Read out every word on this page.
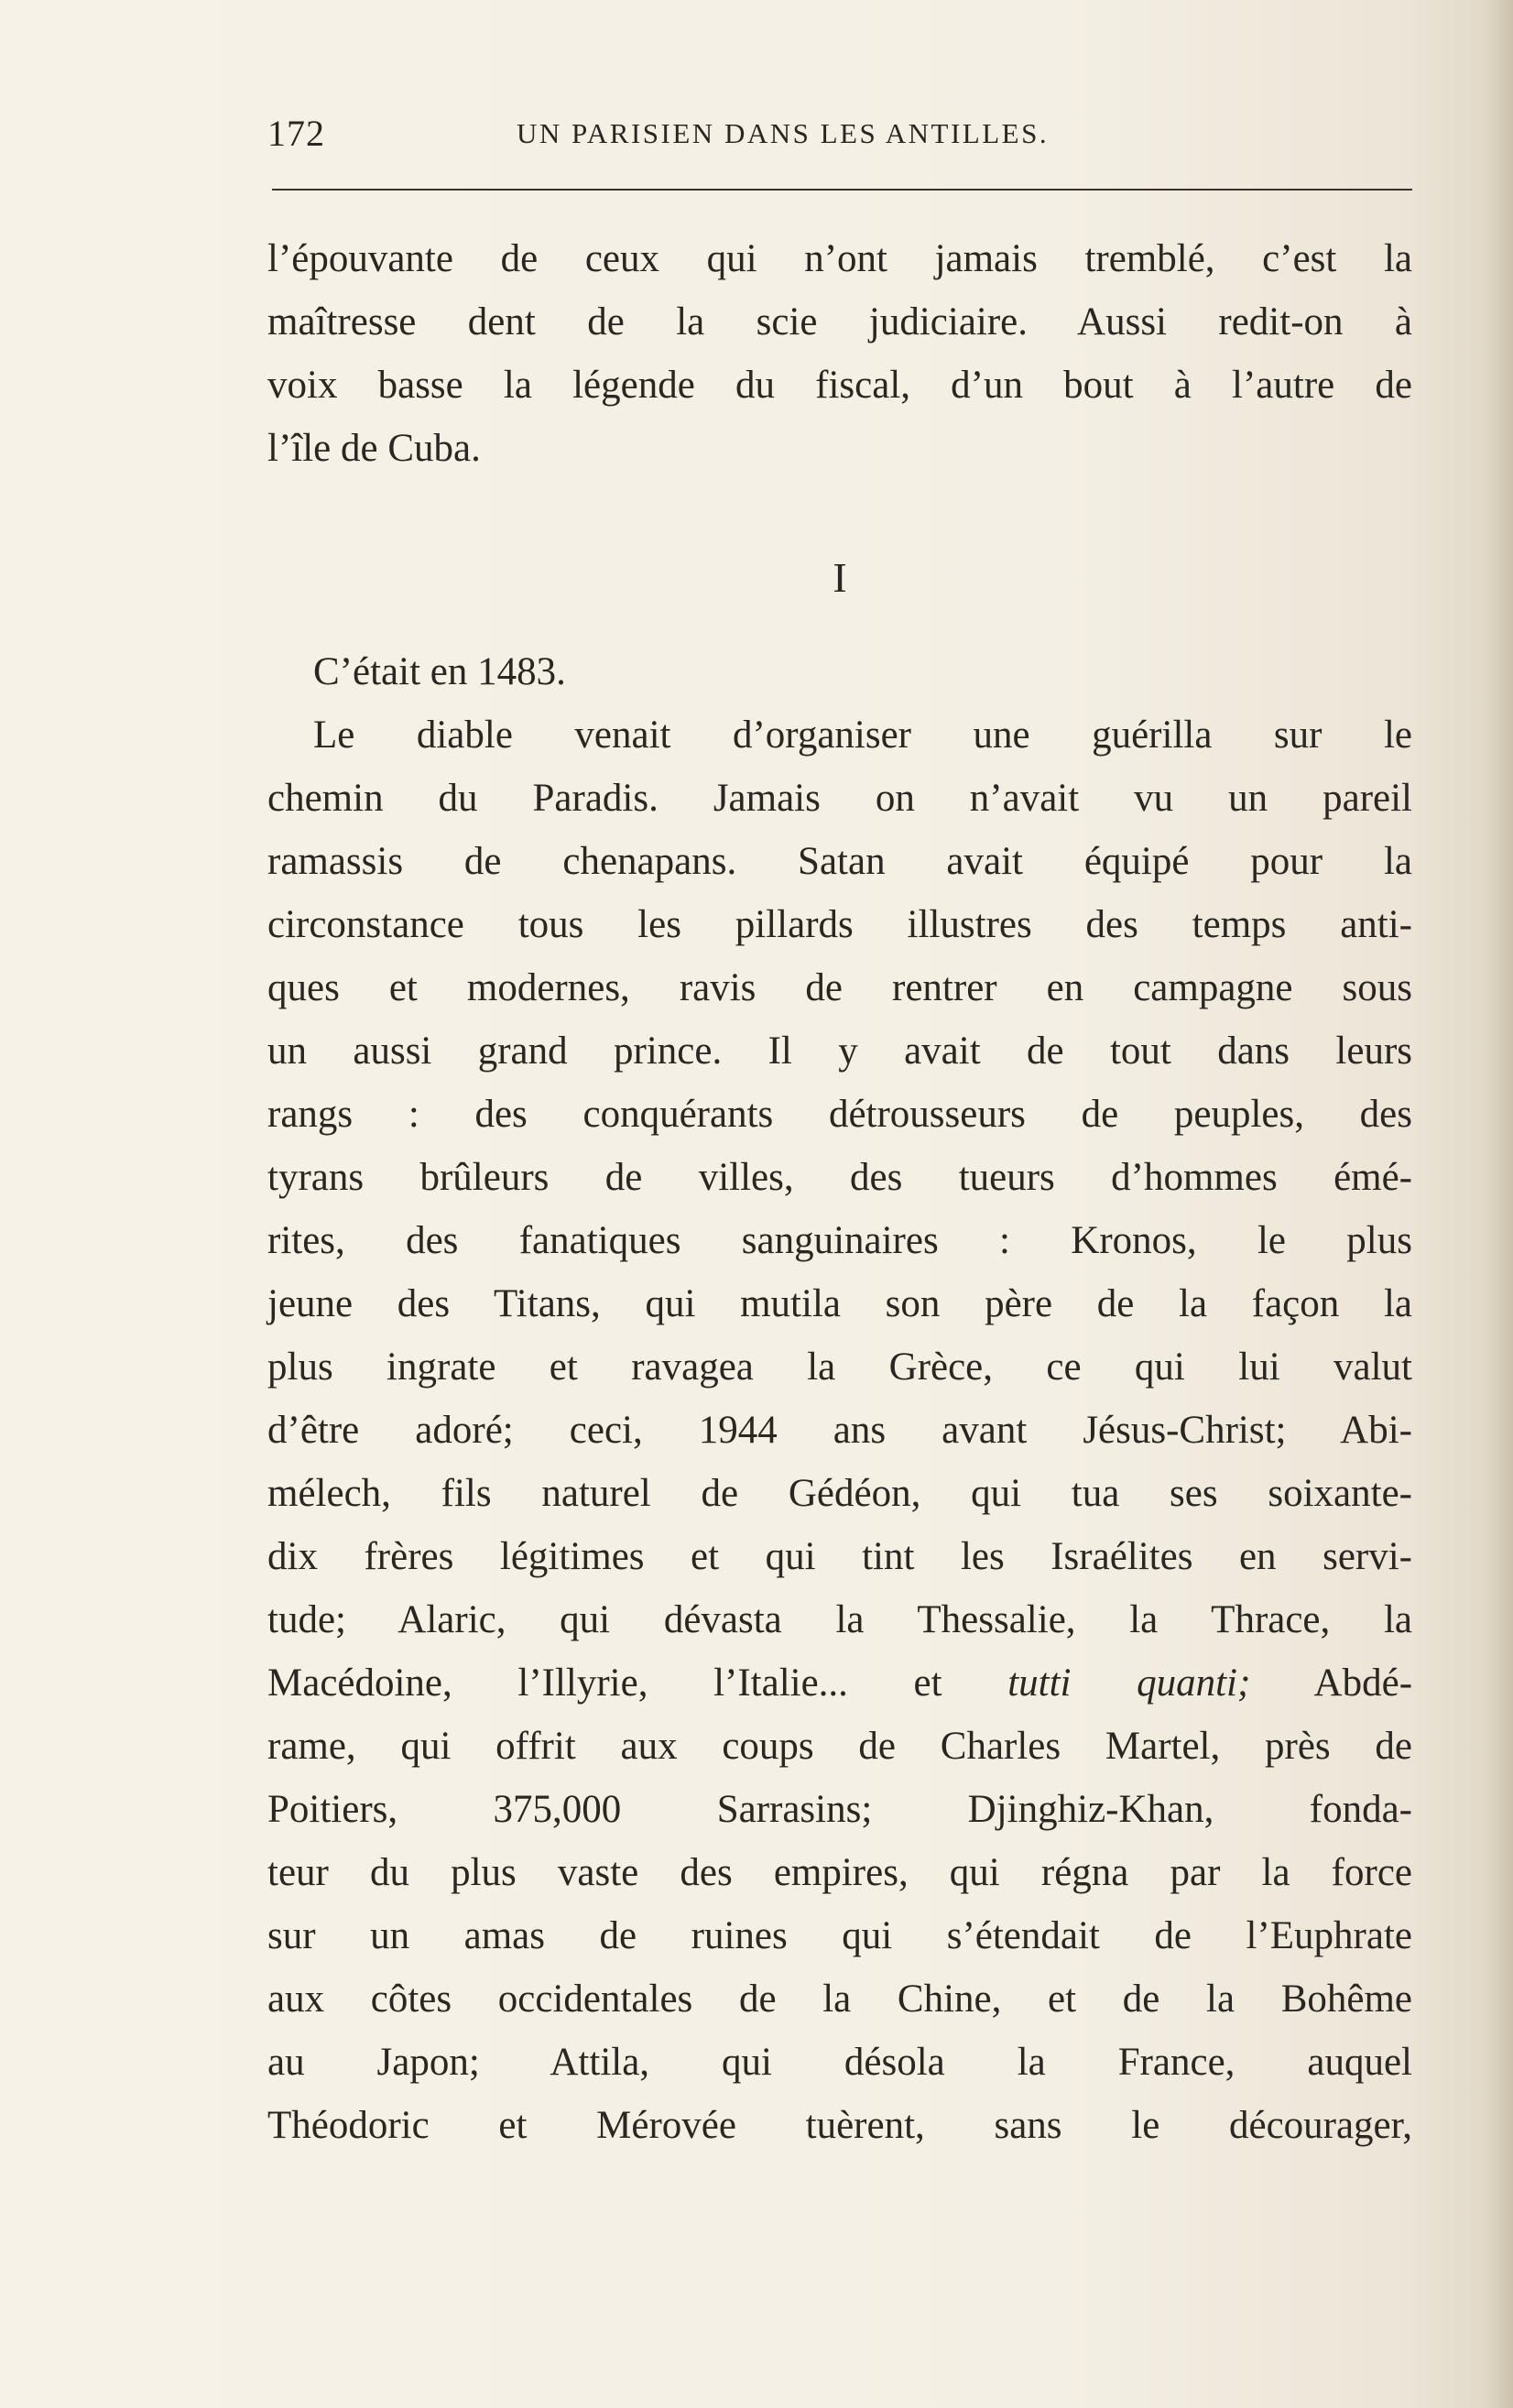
172	UN PARISIEN DANS LES ANTILLES.
l’épouvante de ceux qui n’ont jamais tremblé, c’est la
maîtresse dent de la scie judiciaire. Aussi redit-on à
voix basse la légende du fiscal, d’un bout à l’autre de
l’île de Cuba.
I
C’était en 1483.
Le diable venait d’organiser une guérilla sur le
chemin du Paradis. Jamais on n’avait vu un pareil
ramassis de chenapans. Satan avait équipé pour la
circonstance tous les pillards illustres des temps anti-
ques et modernes, ravis de rentrer en campagne sous
un aussi grand prince. Il y avait de tout dans leurs
rangs : des conquérants détrousseurs de peuples, des
tyrans brûleurs de villes, des tueurs d’hommes émé-
rites, des fanatiques sanguinaires : Kronos, le plus
jeune des Titans, qui mutila son père de la façon la
plus ingrate et ravagea la Grèce, ce qui lui valut
d’être adoré; ceci, 1944 ans avant Jésus-Christ; Abi-
mélech, fils naturel de Gédéon, qui tua ses soixante-
dix frères légitimes et qui tint les Israélites en servi-
tude; Alaric, qui dévasta la Thessalie, la Thrace, la
Macédoine, l’Illyrie, l’Italie... et tutti quanti; Abdé-
rame, qui offrit aux coups de Charles Martel, près de
Poitiers, 375,000 Sarrasins; Djinghiz-Khan, fonda-
teur du plus vaste des empires, qui régna par la force
sur un amas de ruines qui s’étendait de l’Euphrate
aux côtes occidentales de la Chine, et de la Bohême
au Japon; Attila, qui désola la France, auquel
Théodoric et Mérovée tuèrent, sans le décourager,
